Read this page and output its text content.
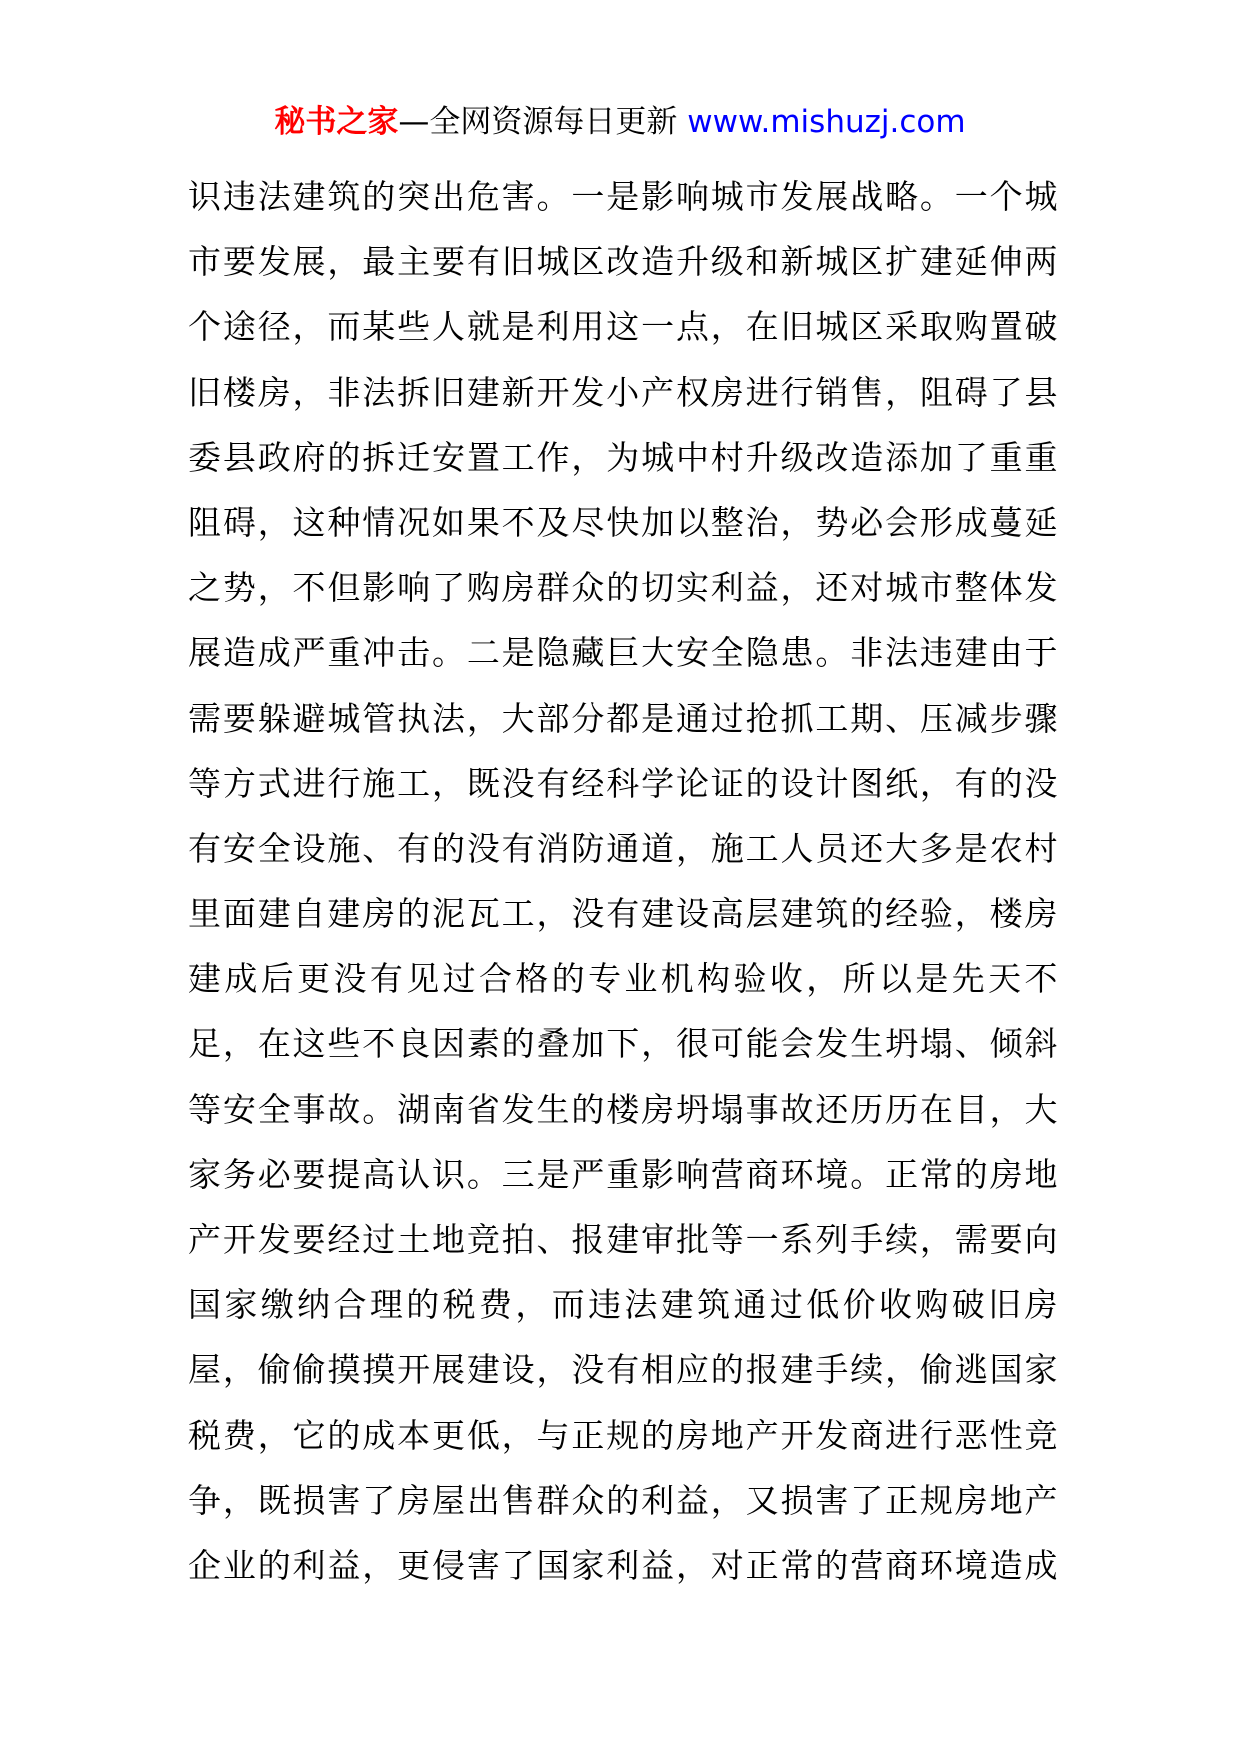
秘书之家—全网资源每日更新 www.mishuzj.com
识违法建筑的突出危害。一是影响城市发展战略。一个城
市要发展，最主要有旧城区改造升级和新城区扩建延伸两
个途径，而某些人就是利用这一点，在旧城区采取购置破
旧楼房，非法拆旧建新开发小产权房进行销售，阻碍了县
委县政府的拆迁安置工作，为城中村升级改造添加了重重
阻碍，这种情况如果不及尽快加以整治，势必会形成蔓延
之势，不但影响了购房群众的切实利益，还对城市整体发
展造成严重冲击。二是隐藏巨大安全隐患。非法违建由于
需要躲避城管执法，大部分都是通过抢抓工期、压减步骤
等方式进行施工，既没有经科学论证的设计图纸，有的没
有安全设施、有的没有消防通道，施工人员还大多是农村
里面建自建房的泥瓦工，没有建设高层建筑的经验，楼房
建成后更没有见过合格的专业机构验收，所以是先天不
足，在这些不良因素的叠加下，很可能会发生坍塌、倾斜
等安全事故。湖南省发生的楼房坍塌事故还历历在目，大
家务必要提高认识。三是严重影响营商环境。正常的房地
产开发要经过土地竞拍、报建审批等一系列手续，需要向
国家缴纳合理的税费，而违法建筑通过低价收购破旧房
屋，偷偷摸摸开展建设，没有相应的报建手续，偷逃国家
税费，它的成本更低，与正规的房地产开发商进行恶性竞
争，既损害了房屋出售群众的利益，又损害了正规房地产
企业的利益，更侵害了国家利益，对正常的营商环境造成
